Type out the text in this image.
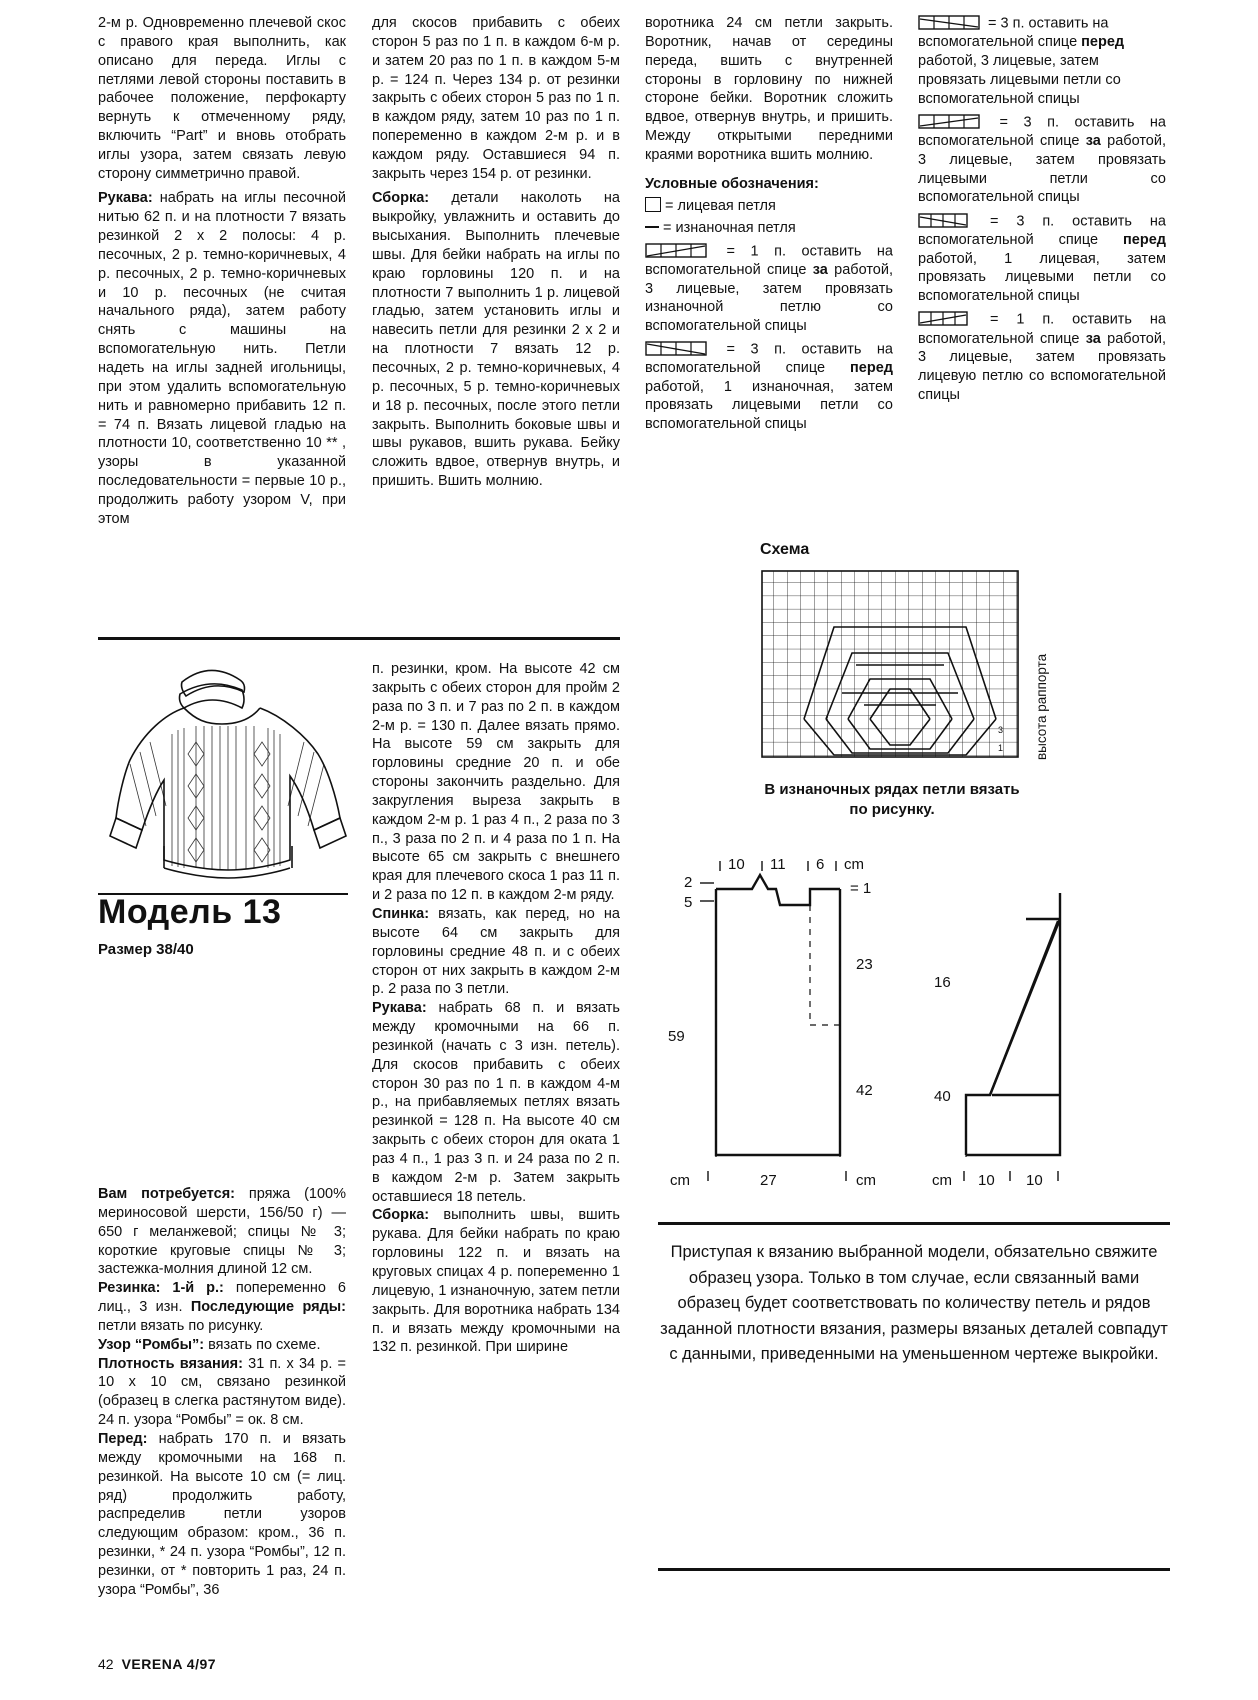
2-м р. Одновременно плечевой скос с правого края выполнить, как описано для переда. Иглы с петлями левой стороны поставить в рабочее положение, перфокарту вернуть к отмеченному ряду, включить “Part” и вновь отобрать иглы узора, затем связать левую сторону симметрично правой.

Рукава: набрать на иглы песочной нитью 62 п. и на плотности 7 вязать резинкой 2 х 2 полосы: 4 р. песочных, 2 р. темно-коричневых, 4 р. песочных, 2 р. темно-коричневых и 10 р. песочных (не считая начального ряда), затем работу снять с машины на вспомогательную нить. Петли надеть на иглы задней игольницы, при этом удалить вспомогательную нить и равномерно прибавить 12 п. = 74 п. Вязать лицевой гладью на плотности 10, соответственно 10 ** , узоры в указанной последовательности = первые 10 р., продолжить работу узором V, при этом

для скосов прибавить с обеих сторон 5 раз по 1 п. в каждом 6-м р. и затем 20 раз по 1 п. в каждом 5-м р. = 124 п. Через 134 р. от резинки закрыть с обеих сторон 5 раз по 1 п. в каждом ряду, затем 10 раз по 1 п. попеременно в каждом 2-м р. и в каждом ряду. Оставшиеся 94 п. закрыть через 154 р. от резинки.

Сборка: детали наколоть на выкройку, увлажнить и оставить до высыхания. Выполнить плечевые швы. Для бейки набрать на иглы по краю горловины 120 п. и на плотности 7 выполнить 1 р. лицевой гладью, затем установить иглы и навесить петли для резинки 2 х 2 и на плотности 7 вязать 12 р. песочных, 2 р. темно-коричневых, 4 р. песочных, 5 р. темно-коричневых и 18 р. песочных, после этого петли закрыть. Выполнить боковые швы и швы рукавов, вшить рукава. Бейку сложить вдвое, отвернув внутрь, и пришить. Вшить молнию.

воротника 24 см петли закрыть. Воротник, начав от середины переда, вшить с внутренней стороны в горловину по нижней стороне бейки. Воротник сложить вдвое, отвернув внутрь, и пришить. Между открытыми передними краями воротника вшить молнию.

Условные обозначения:

= лицевая петля

= изнаночная петля

= 1 п. оставить на вспомогательной спице за работой, 3 лицевые, затем провязать изнаночной петлю со вспомогательной спицы

= 3 п. оставить на вспомогательной спице перед работой, 1 изнаночная, затем провязать лицевыми петли со вспомогательной спицы

= 3 п. оставить на вспомогательной спице перед работой, 3 лицевые, затем провязать лицевыми петли со вспомогательной спицы

= 3 п. оставить на вспомогательной спице за работой, 3 лицевые, затем провязать лицевыми петли со вспомогательной спицы

= 3 п. оставить на вспомогательной спице перед работой, 1 лицевая, затем провязать лицевыми петли со вспомогательной спицы

= 1 п. оставить на вспомогательной спице за работой, 3 лицевые, затем провязать лицевую петлю со вспомогательной спицы

Модель 13
Размер 38/40

Вам потребуется: пряжа (100% мериносовой шерсти, 156/50 г) — 650 г меланжевой; спицы № 3; короткие круговые спицы № 3; застежка-молния длиной 12 см.

Резинка: 1-й р.: попеременно 6 лиц., 3 изн. Последующие ряды: петли вязать по рисунку.

Узор “Ромбы”: вязать по схеме.

Плотность вязания: 31 п. х 34 р. = 10 х 10 см, связано резинкой (образец в слегка растянутом виде). 24 п. узора “Ромбы” = ок. 8 см.

Перед: набрать 170 п. и вязать между кромочными на 168 п. резинкой. На высоте 10 см (= лиц. ряд) продолжить работу, распределив петли узоров следующим образом: кром., 36 п. резинки, * 24 п. узора “Ромбы”, 12 п. резинки, от * повторить 1 раз, 24 п. узора “Ромбы”, 36

п. резинки, кром. На высоте 42 см закрыть с обеих сторон для пройм 2 раза по 3 п. и 7 раз по 2 п. в каждом 2-м р. = 130 п. Далее вязать прямо. На высоте 59 см закрыть для горловины средние 20 п. и обе стороны закончить раздельно. Для закругления выреза закрыть в каждом 2-м р. 1 раз 4 п., 2 раза по 3 п., 3 раза по 2 п. и 4 раза по 1 п. На высоте 65 см закрыть с внешнего края для плечевого скоса 1 раз 11 п. и 2 раза по 12 п. в каждом 2-м ряду.

Спинка: вязать, как перед, но на высоте 64 см закрыть для горловины средние 48 п. и с обеих сторон от них закрыть в каждом 2-м р. 2 раза по 3 петли.

Рукава: набрать 68 п. и вязать между кромочными на 66 п. резинкой (начать с 3 изн. петель). Для скосов прибавить с обеих сторон 30 раз по 1 п. в каждом 4-м р., на прибавляемых петлях вязать резинкой = 128 п. На высоте 40 см закрыть с обеих сторон для оката 1 раз 4 п., 1 раз 3 п. и 24 раза по 2 п. в каждом 2-м р. Затем закрыть оставшиеся 18 петель.

Сборка: выполнить швы, вшить рукава. Для бейки набрать по краю горловины 122 п. и вязать на круговых спицах 4 р. попеременно 1 лицевую, 1 изнаночную, затем петли закрыть. Для воротника набрать 134 п. и вязать между кромочными на 132 п. резинкой. При ширине

Схема
3
1 высота раппорта
В изнаночных рядах петли вязать по рисунку.
10 11 6 cm
= 1
2
5
59
23
42
cm	27	cm
16
40
cm 10 10
Приступая к вязанию выбранной модели, обязательно свяжите образец узора. Только в том случае, если связанный вами образец будет соответствовать по количеству петель и рядов заданной плотности вязания, размеры вязаных деталей совпадут с данными, приведенными на уменьшенном чертеже выкройки.
42 VERENA 4/97
